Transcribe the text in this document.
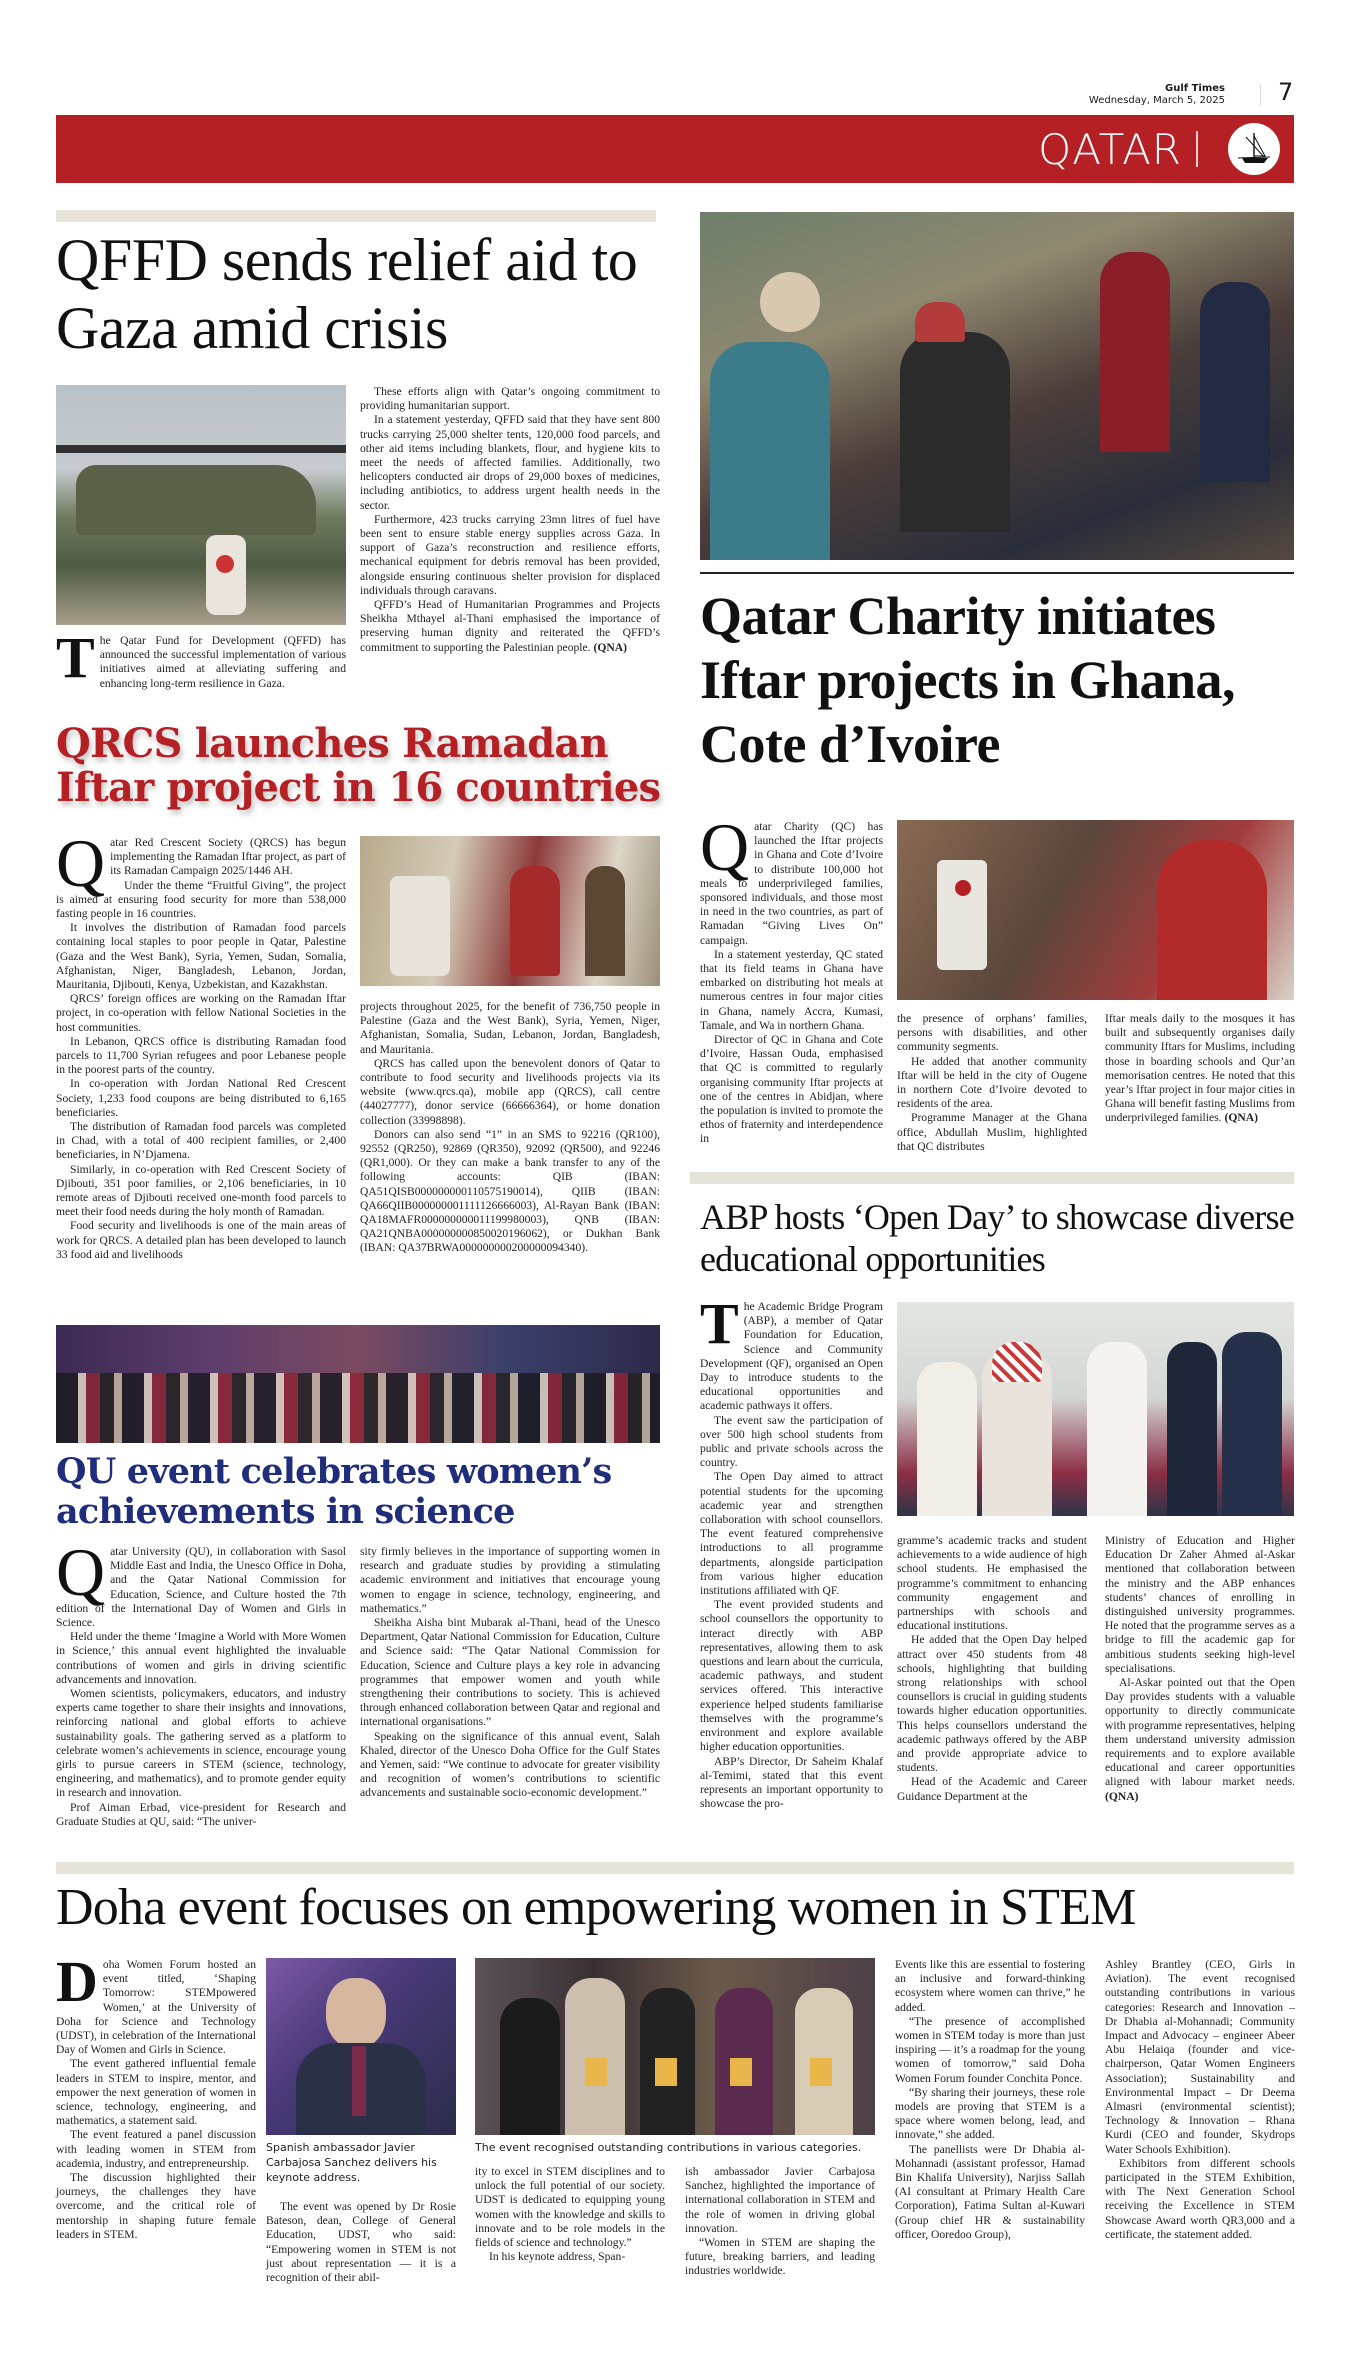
Gulf Times
Wednesday, March 5, 2025 7
QATAR
QFFD sends relief aid to Gaza amid crisis
T he Qatar Fund for Development (QFFD) has announced the successful implementation of various initiatives aimed at alleviating suffering and enhancing long-term resilience in Gaza.

These efforts align with Qatar’s ongoing commitment to providing humanitarian support.

In a statement yesterday, QFFD said that they have sent 800 trucks carrying 25,000 shelter tents, 120,000 food parcels, and other aid items including blankets, flour, and hygiene kits to meet the needs of affected families. Additionally, two helicopters conducted air drops of 29,000 boxes of medicines, including antibiotics, to address urgent health needs in the sector.

Furthermore, 423 trucks carrying 23mn litres of fuel have been sent to ensure stable energy supplies across Gaza. In support of Gaza’s reconstruction and resilience efforts, mechanical equipment for debris removal has been provided, alongside ensuring continuous shelter provision for displaced individuals through caravans.

QFFD’s Head of Humanitarian Programmes and Projects Sheikha Mthayel al-Thani emphasised the importance of preserving human dignity and reiterated the QFFD’s commitment to supporting the Palestinian people. (QNA)

Qatar Charity initiates Iftar projects in Ghana, Cote d’Ivoire

Qatar Charity (QC) has launched the Iftar projects in Ghana and Cote d’Ivoire to distribute 100,000 hot meals to underprivileged families, sponsored individuals, and those most in need in the two countries, as part of Ramadan “Giving Lives On” campaign.

In a statement yesterday, QC stated that its field teams in Ghana have embarked on distributing hot meals at numerous centres in four major cities in Ghana, namely Accra, Kumasi, Tamale, and Wa in northern Ghana.

Director of QC in Ghana and Cote d’Ivoire, Hassan Ouda, emphasised that QC is committed to regularly organising community Iftar projects at one of the centres in Abidjan, where the population is invited to promote the ethos of fraternity and interdependence in

the presence of orphans’ families, persons with disabilities, and other community segments.

He added that another community Iftar will be held in the city of Ougene in northern Cote d’Ivoire devoted to residents of the area.

Programme Manager at the Ghana office, Abdullah Muslim, highlighted that QC distributes

Iftar meals daily to the mosques it has built and subsequently organises daily community Iftars for Muslims, including those in boarding schools and Qur’an memorisation centres. He noted that this year’s Iftar project in four major cities in Ghana will benefit fasting Muslims from underprivileged families. (QNA)

QRCS launches Ramadan Iftar project in 16 countries

Qatar Red Crescent Society (QRCS) has begun implementing the Ramadan Iftar project, as part of its Ramadan Campaign 2025/1446 AH.

Under the theme “Fruitful Giving”, the project is aimed at ensuring food security for more than 538,000 fasting people in 16 countries.

It involves the distribution of Ramadan food parcels containing local staples to poor people in Qatar, Palestine (Gaza and the West Bank), Syria, Yemen, Sudan, Somalia, Afghanistan, Niger, Bangladesh, Lebanon, Jordan, Mauritania, Djibouti, Kenya, Uzbekistan, and Kazakhstan.

QRCS’ foreign offices are working on the Ramadan Iftar project, in co-operation with fellow National Societies in the host communities.

In Lebanon, QRCS office is distributing Ramadan food parcels to 11,700 Syrian refugees and poor Lebanese people in the poorest parts of the country.

In co-operation with Jordan National Red Crescent Society, 1,233 food coupons are being distributed to 6,165 beneficiaries.

The distribution of Ramadan food parcels was completed in Chad, with a total of 400 recipient families, or 2,400 beneficiaries, in N’Djamena.

Similarly, in co-operation with Red Crescent Society of Djibouti, 351 poor families, or 2,106 beneficiaries, in 10 remote areas of Djibouti received one-month food parcels to meet their food needs during the holy month of Ramadan.

Food security and livelihoods is one of the main areas of work for QRCS. A detailed plan has been developed to launch 33 food aid and livelihoods

projects throughout 2025, for the benefit of 736,750 people in Palestine (Gaza and the West Bank), Syria, Yemen, Niger, Afghanistan, Somalia, Sudan, Lebanon, Jordan, Bangladesh, and Mauritania.

QRCS has called upon the benevolent donors of Qatar to contribute to food security and livelihoods projects via its website (www.qrcs.qa), mobile app (QRCS), call centre (44027777), donor service (66666364), or home donation collection (33998898).

Donors can also send “1” in an SMS to 92216 (QR100), 92552 (QR250), 92869 (QR350), 92092 (QR500), and 92246 (QR1,000). Or they can make a bank transfer to any of the following accounts: QIB (IBAN: QA51QISB000000000110575190014), QIIB (IBAN: QA66QIIB000000001111126666003), Al-Rayan Bank (IBAN: QA18MAFR000000000011199980003), QNB (IBAN: QA21QNBA000000000850020196062), or Dukhan Bank (IBAN: QA37BRWA000000000200000094340).

QU event celebrates women’s achievements in science

Qatar University (QU), in collaboration with Sasol Middle East and India, the Unesco Office in Doha, and the Qatar National Commission for Education, Science, and Culture hosted the 7th edition of the International Day of Women and Girls in Science.

Held under the theme ‘Imagine a World with More Women in Science,’ this annual event highlighted the invaluable contributions of women and girls in driving scientific advancements and innovation.

Women scientists, policymakers, educators, and industry experts came together to share their insights and innovations, reinforcing national and global efforts to achieve sustainability goals. The gathering served as a platform to celebrate women’s achievements in science, encourage young girls to pursue careers in STEM (science, technology, engineering, and mathematics), and to promote gender equity in research and innovation.

Prof Aiman Erbad, vice-president for Research and Graduate Studies at QU, said: “The univer-

sity firmly believes in the importance of supporting women in research and graduate studies by providing a stimulating academic environment and initiatives that encourage young women to engage in science, technology, engineering, and mathematics.”

Sheikha Aisha bint Mubarak al-Thani, head of the Unesco Department, Qatar National Commission for Education, Culture and Science said: “The Qatar National Commission for Education, Science and Culture plays a key role in advancing programmes that empower women and youth while strengthening their contributions to society. This is achieved through enhanced collaboration between Qatar and regional and international organisations.”

Speaking on the significance of this annual event, Salah Khaled, director of the Unesco Doha Office for the Gulf States and Yemen, said: “We continue to advocate for greater visibility and recognition of women’s contributions to scientific advancements and sustainable socio-economic development.”

ABP hosts ‘Open Day’ to showcase diverse educational opportunities

The Academic Bridge Program (ABP), a member of Qatar Foundation for Education, Science and Community Development (QF), organised an Open Day to introduce students to the educational opportunities and academic pathways it offers.

The event saw the participation of over 500 high school students from public and private schools across the country.

The Open Day aimed to attract potential students for the upcoming academic year and strengthen collaboration with school counsellors. The event featured comprehensive introductions to all programme departments, alongside participation from various higher education institutions affiliated with QF.

The event provided students and school counsellors the opportunity to interact directly with ABP representatives, allowing them to ask questions and learn about the curricula, academic pathways, and student services offered. This interactive experience helped students familiarise themselves with the programme’s environment and explore available higher education opportunities.

ABP’s Director, Dr Saheim Khalaf al-Temimi, stated that this event represents an important opportunity to showcase the pro-

gramme’s academic tracks and student achievements to a wide audience of high school students. He emphasised the programme’s commitment to enhancing community engagement and partnerships with schools and educational institutions.

He added that the Open Day helped attract over 450 students from 48 schools, highlighting that building strong relationships with school counsellors is crucial in guiding students towards higher education opportunities. This helps counsellors understand the academic pathways offered by the ABP and provide appropriate advice to students.

Head of the Academic and Career Guidance Department at the

Ministry of Education and Higher Education Dr Zaher Ahmed al-Askar mentioned that collaboration between the ministry and the ABP enhances students’ chances of enrolling in distinguished university programmes. He noted that the programme serves as a bridge to fill the academic gap for ambitious students seeking high-level specialisations.

Al-Askar pointed out that the Open Day provides students with a valuable opportunity to directly communicate with programme representatives, helping them understand university admission requirements and to explore available educational and career opportunities aligned with labour market needs. (QNA)

Doha event focuses on empowering women in STEM

Doha Women Forum hosted an event titled, ‘Shaping Tomorrow: STEMpowered Women,’ at the University of Doha for Science and Technology (UDST), in celebration of the International Day of Women and Girls in Science.

The event gathered influential female leaders in STEM to inspire, mentor, and empower the next generation of women in science, technology, engineering, and mathematics, a statement said.

The event featured a panel discussion with leading women in STEM from academia, industry, and entrepreneurship.

The discussion highlighted their journeys, the challenges they have overcome, and the critical role of mentorship in shaping future female leaders in STEM.

Spanish ambassador Javier Carbajosa Sanchez delivers his keynote address.

The event was opened by Dr Rosie Bateson, dean, College of General Education, UDST, who said: “Empowering women in STEM is not just about representation — it is a recognition of their abil-

The event recognised outstanding contributions in various categories.

ity to excel in STEM disciplines and to unlock the full potential of our society. UDST is dedicated to equipping young women with the knowledge and skills to innovate and to be role models in the fields of science and technology.”

In his keynote address, Span-

ish ambassador Javier Carbajosa Sanchez, highlighted the importance of international collaboration in STEM and the role of women in driving global innovation.

“Women in STEM are shaping the future, breaking barriers, and leading industries worldwide.

Events like this are essential to fostering an inclusive and forward-thinking ecosystem where women can thrive,” he added.

“The presence of accomplished women in STEM today is more than just inspiring — it’s a roadmap for the young women of tomorrow,” said Doha Women Forum founder Conchita Ponce.

“By sharing their journeys, these role models are proving that STEM is a space where women belong, lead, and innovate,” she added.

The panellists were Dr Dhabia al-Mohannadi (assistant professor, Hamad Bin Khalifa University), Narjiss Sallah (AI consultant at Primary Health Care Corporation), Fatima Sultan al-Kuwari (Group chief HR & sustainability officer, Ooredoo Group),

Ashley Brantley (CEO, Girls in Aviation). The event recognised outstanding contributions in various categories: Research and Innovation – Dr Dhabia al-Mohannadi; Community Impact and Advocacy – engineer Abeer Abu Helaiqa (founder and vice-chairperson, Qatar Women Engineers Association); Sustainability and Environmental Impact – Dr Deema Almasri (environmental scientist); Technology & Innovation – Rhana Kurdi (CEO and founder, Skydrops Water Schools Exhibition).

Exhibitors from different schools participated in the STEM Exhibition, with The Next Generation School receiving the Excellence in STEM Showcase Award worth QR3,000 and a certificate, the statement added.
